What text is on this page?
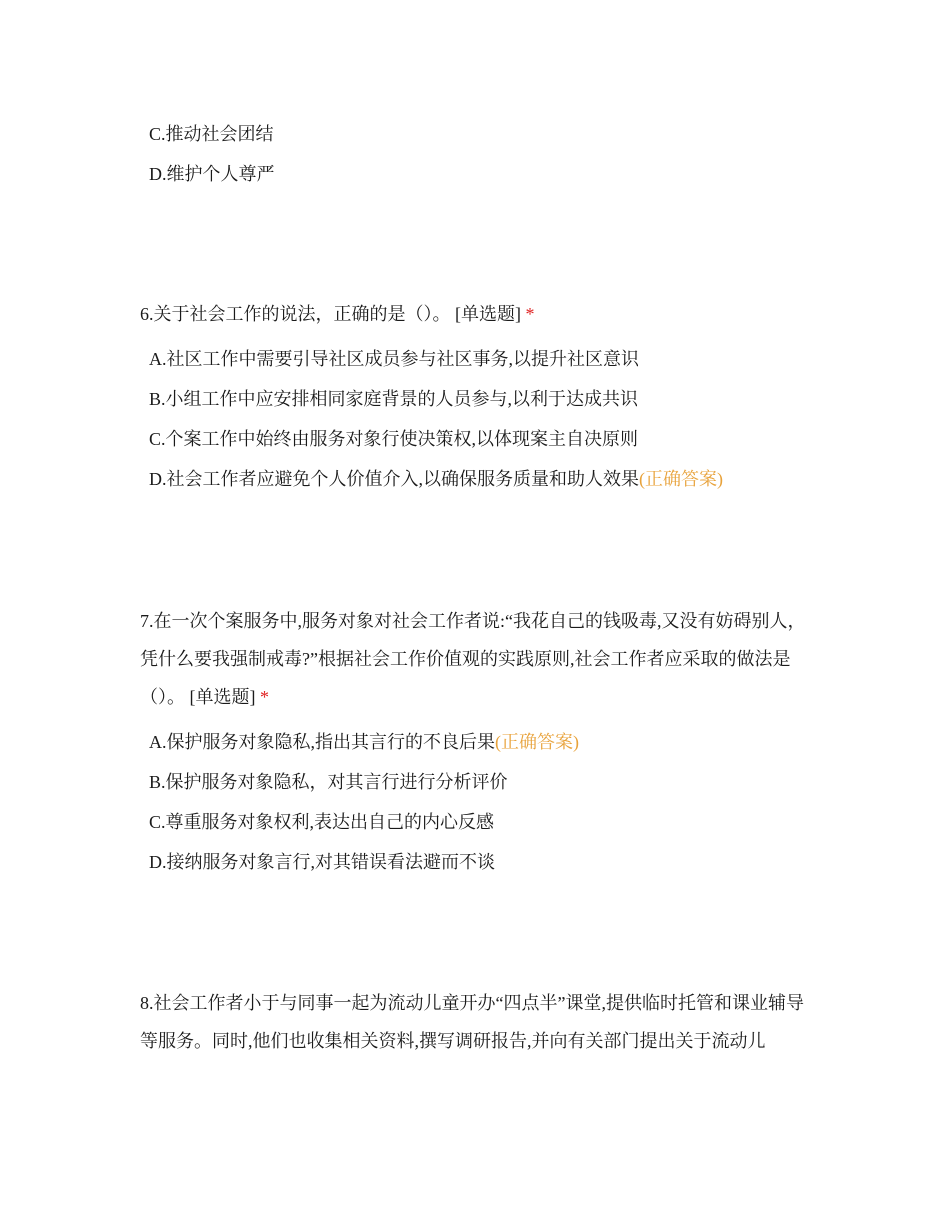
C.推动社会团结
D.维护个人尊严
6.关于社会工作的说法，正确的是（）。 [单选题] *
A.社区工作中需要引导社区成员参与社区事务,以提升社区意识
B.小组工作中应安排相同家庭背景的人员参与,以利于达成共识
C.个案工作中始终由服务对象行使决策权,以体现案主自决原则
D.社会工作者应避免个人价值介入,以确保服务质量和助人效果(正确答案)
7.在一次个案服务中,服务对象对社会工作者说:“我花自己的钱吸毒,又没有妨碍别人，凭什么要我强制戒毒?”根据社会工作价值观的实践原则,社会工作者应采取的做法是（）。 [单选题] *
A.保护服务对象隐私,指出其言行的不良后果(正确答案)
B.保护服务对象隐私，对其言行进行分析评价
C.尊重服务对象权利,表达出自己的内心反感
D.接纳服务对象言行,对其错误看法避而不谈
8.社会工作者小于与同事一起为流动儿童开办“四点半”课堂,提供临时托管和课业辅导等服务。同时,他们也收集相关资料,撰写调研报告,并向有关部门提出关于流动儿
